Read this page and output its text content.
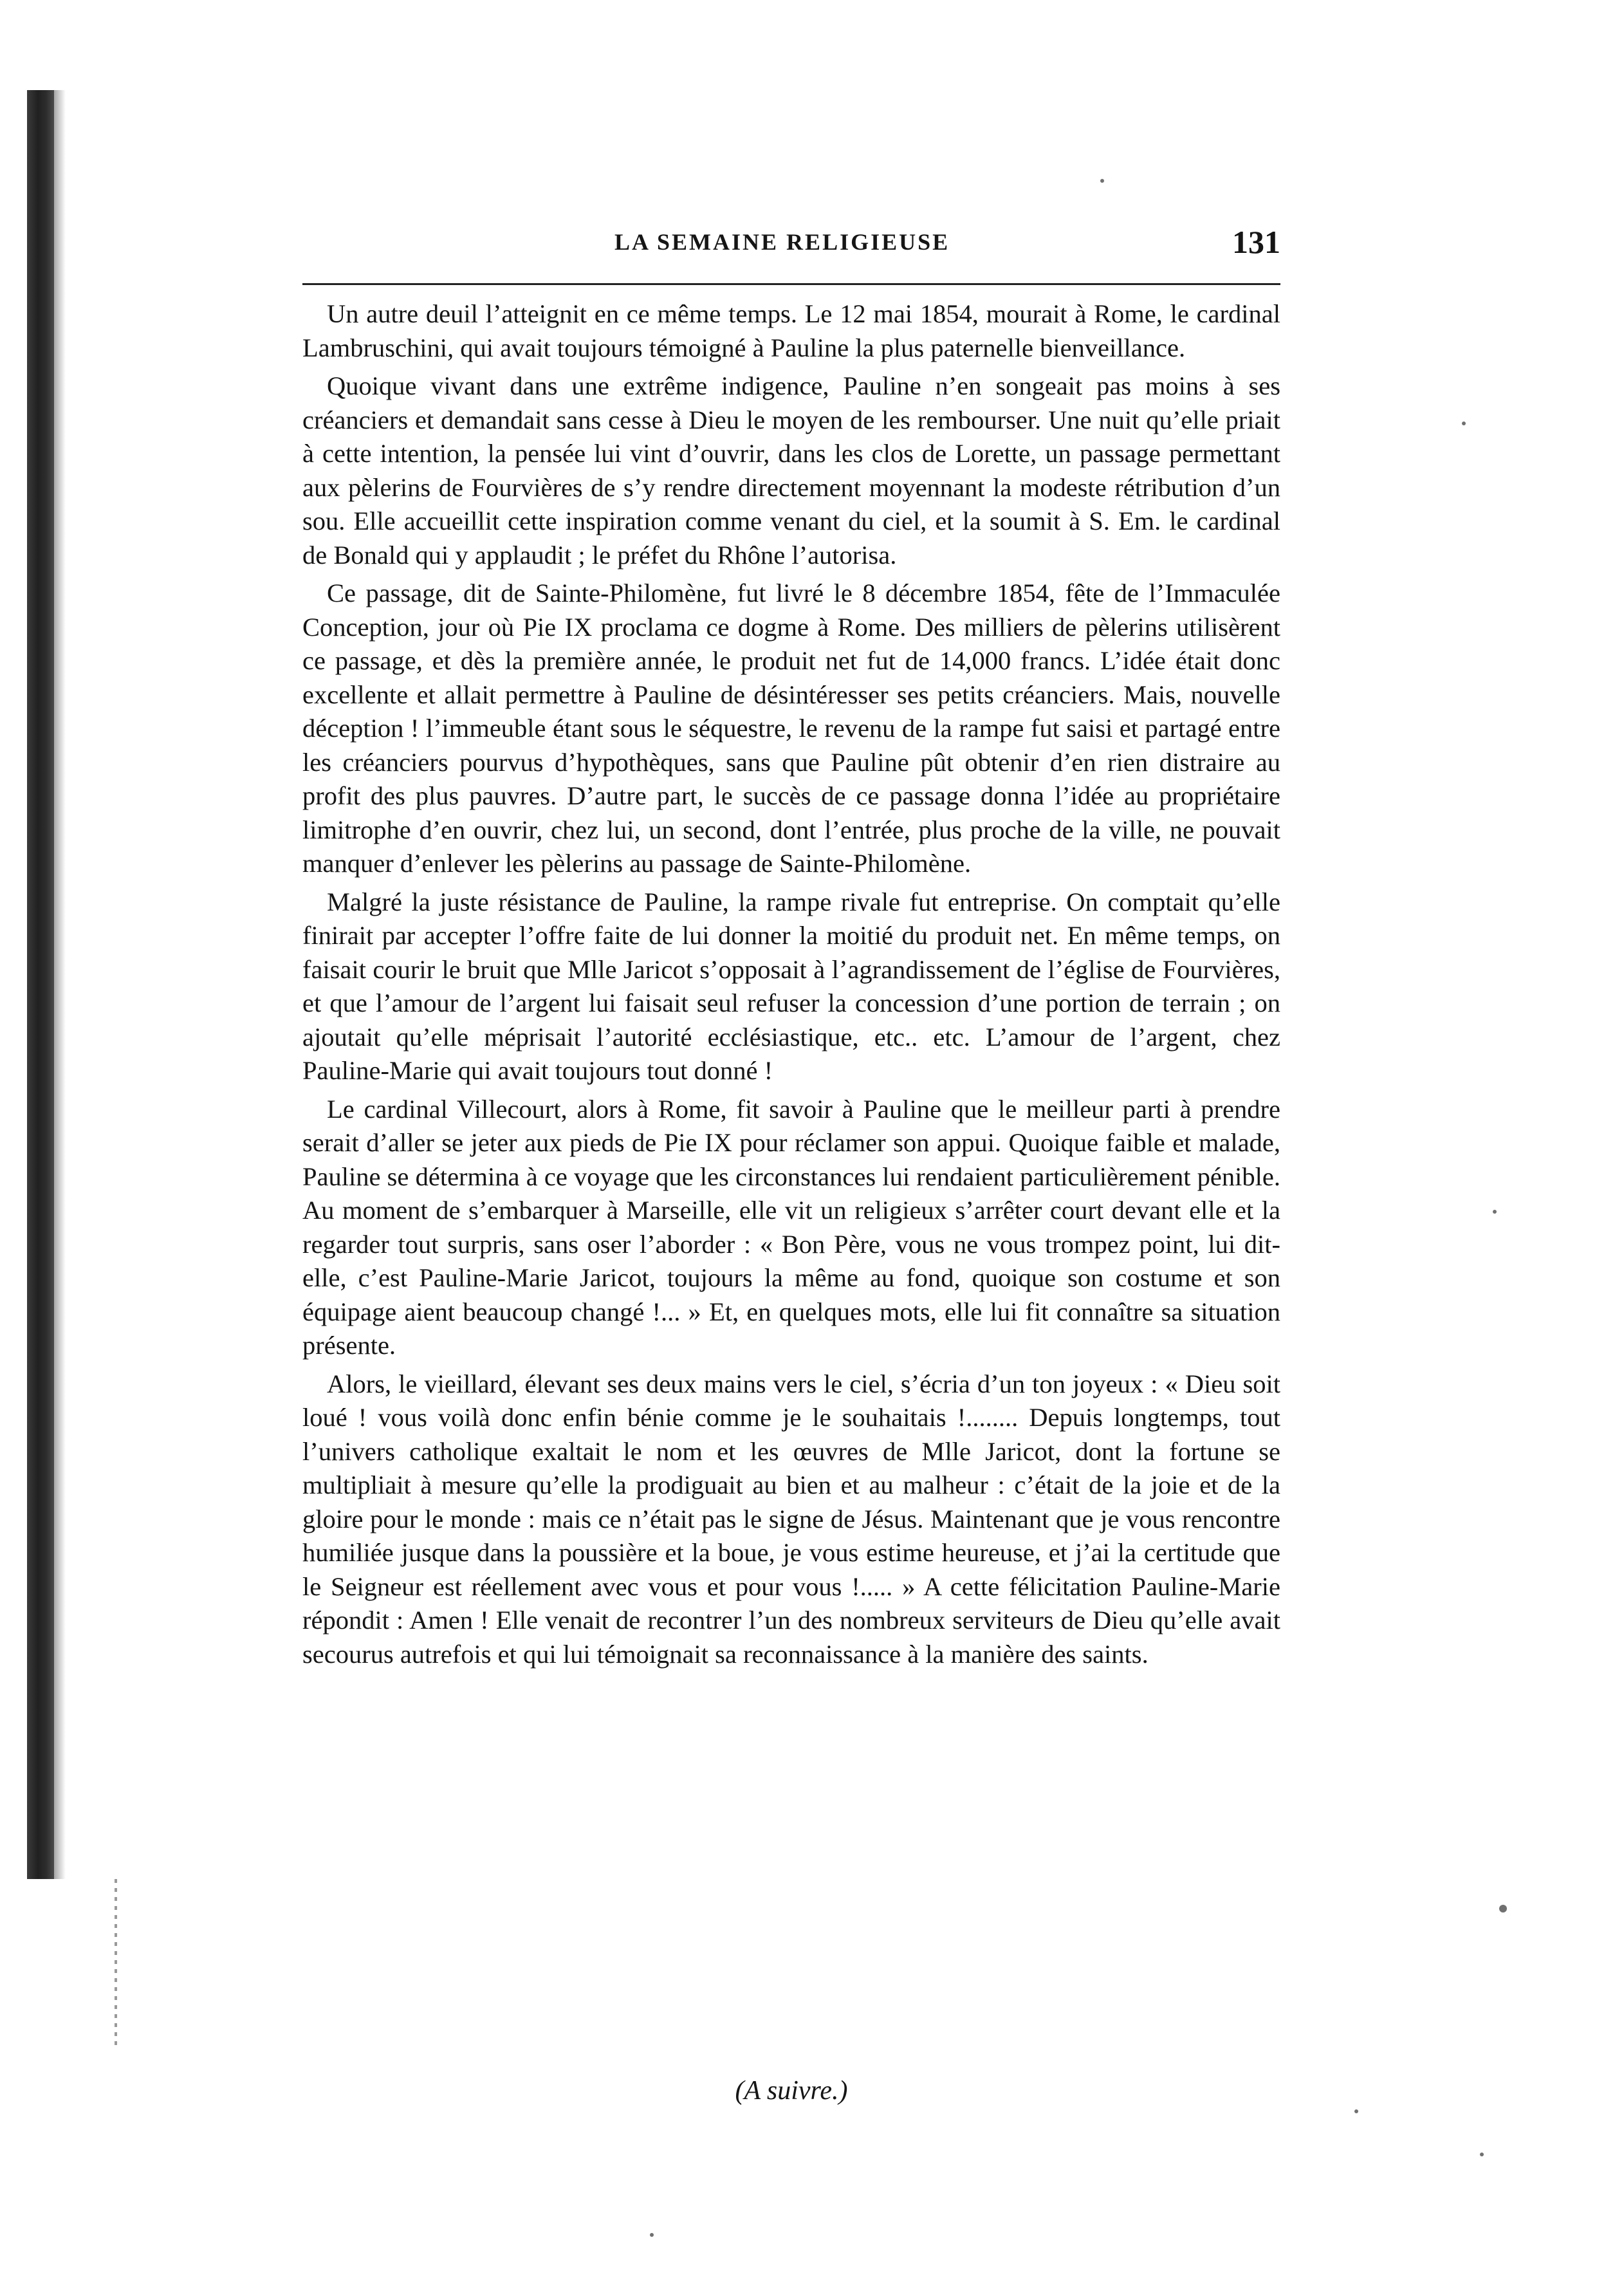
LA SEMAINE RELIGIEUSE	131

Un autre deuil l’atteignit en ce même temps. Le 12 mai 1854, mourait à Rome, le cardinal Lambruschini, qui avait toujours témoigné à Pauline la plus paternelle bienveillance.

Quoique vivant dans une extrême indigence, Pauline n’en songeait pas moins à ses créanciers et demandait sans cesse à Dieu le moyen de les rembourser. Une nuit qu’elle priait à cette intention, la pensée lui vint d’ouvrir, dans les clos de Lorette, un passage permettant aux pèlerins de Fourvières de s’y rendre directement moyennant la modeste rétribution d’un sou. Elle accueillit cette inspiration comme venant du ciel, et la soumit à S. Em. le cardinal de Bonald qui y applaudit ; le préfet du Rhône l’autorisa.

Ce passage, dit de Sainte-Philomène, fut livré le 8 décembre 1854, fête de l’Immaculée Conception, jour où Pie IX proclama ce dogme à Rome. Des milliers de pèlerins utilisèrent ce passage, et dès la première année, le produit net fut de 14,000 francs. L’idée était donc excellente et allait permettre à Pauline de désintéresser ses petits créanciers. Mais, nouvelle déception ! l’immeuble étant sous le séquestre, le revenu de la rampe fut saisi et partagé entre les créanciers pourvus d’hypothèques, sans que Pauline pût obtenir d’en rien distraire au profit des plus pauvres. D’autre part, le succès de ce passage donna l’idée au propriétaire limitrophe d’en ouvrir, chez lui, un second, dont l’entrée, plus proche de la ville, ne pouvait manquer d’enlever les pèlerins au passage de Sainte-Philomène.

Malgré la juste résistance de Pauline, la rampe rivale fut entreprise. On comptait qu’elle finirait par accepter l’offre faite de lui donner la moitié du produit net. En même temps, on faisait courir le bruit que Mlle Jaricot s’opposait à l’agrandissement de l’église de Fourvières, et que l’amour de l’argent lui faisait seul refuser la concession d’une portion de terrain ; on ajoutait qu’elle méprisait l’autorité ecclésiastique, etc.. etc. L’amour de l’argent, chez Pauline-Marie qui avait toujours tout donné !

Le cardinal Villecourt, alors à Rome, fit savoir à Pauline que le meilleur parti à prendre serait d’aller se jeter aux pieds de Pie IX pour réclamer son appui. Quoique faible et malade, Pauline se détermina à ce voyage que les circonstances lui rendaient particulièrement pénible. Au moment de s’embarquer à Marseille, elle vit un religieux s’arrêter court devant elle et la regarder tout surpris, sans oser l’aborder : « Bon Père, vous ne vous trompez point, lui dit-elle, c’est Pauline-Marie Jaricot, toujours la même au fond, quoique son costume et son équipage aient beaucoup changé !... » Et, en quelques mots, elle lui fit connaître sa situation présente.

Alors, le vieillard, élevant ses deux mains vers le ciel, s’écria d’un ton joyeux : « Dieu soit loué ! vous voilà donc enfin bénie comme je le souhaitais !........ Depuis longtemps, tout l’univers catholique exaltait le nom et les œuvres de Mlle Jaricot, dont la fortune se multipliait à mesure qu’elle la prodiguait au bien et au malheur : c’était de la joie et de la gloire pour le monde : mais ce n’était pas le signe de Jésus. Maintenant que je vous rencontre humiliée jusque dans la poussière et la boue, je vous estime heureuse, et j’ai la certitude que le Seigneur est réellement avec vous et pour vous !..... » A cette félicitation Pauline-Marie répondit : Amen ! Elle venait de recontrer l’un des nombreux serviteurs de Dieu qu’elle avait secourus autrefois et qui lui témoignait sa reconnaissance à la manière des saints.

(A suivre.)
